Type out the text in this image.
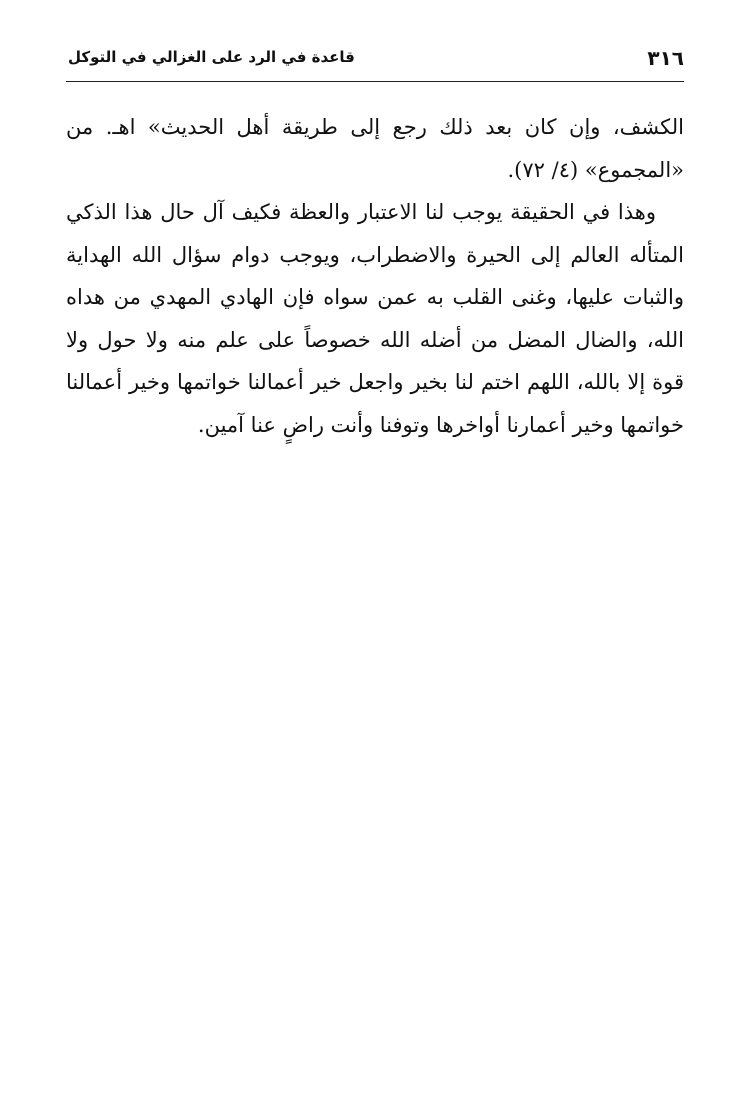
٣١٦
قاعدة في الرد على الغزالي في التوكل

الكشف، وإن كان بعد ذلك رجع إلى طريقة أهل الحديث» اهـ. من «المجموع» (٤/ ٧٢).

وهذا في الحقيقة يوجب لنا الاعتبار والعظة فكيف آل حال هذا الذكي المتأله العالم إلى الحيرة والاضطراب، ويوجب دوام سؤال الله الهداية والثبات عليها، وغنى القلب به عمن سواه فإن الهادي المهدي من هداه الله، والضال المضل من أضله الله خصوصاً على علم منه ولا حول ولا قوة إلا بالله، اللهم اختم لنا بخير واجعل خير أعمالنا خواتمها وخير أعمالنا خواتمها وخير أعمارنا أواخرها وتوفنا وأنت راضٍ عنا آمين.
